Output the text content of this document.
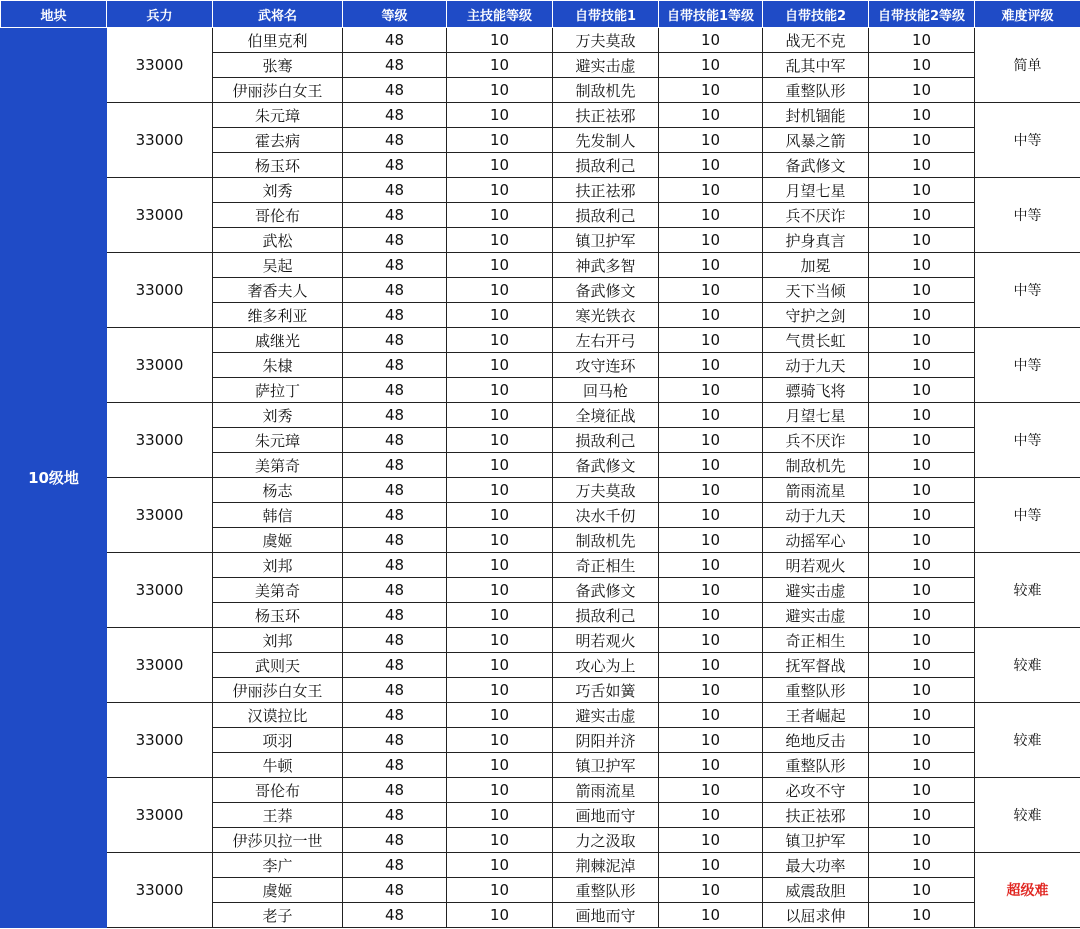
地块	兵力	武将名	等级	主技能等级	自带技能1	自带技能1等级	自带技能2	自带技能2等级	难度评级
10级地	33000	伯里克利	48	10	万夫莫敌	10	战无不克	10	简单
		张骞	48	10	避实击虚	10	乱其中军	10	
		伊丽莎白女王	48	10	制敌机先	10	重整队形	10	
	33000	朱元璋	48	10	扶正祛邪	10	封机锢能	10	中等
		霍去病	48	10	先发制人	10	风暴之箭	10	
		杨玉环	48	10	损敌利己	10	备武修文	10	
	33000	刘秀	48	10	扶正祛邪	10	月望七星	10	中等
		哥伦布	48	10	损敌利己	10	兵不厌诈	10	
		武松	48	10	镇卫护军	10	护身真言	10	
	33000	吴起	48	10	神武多智	10	加冕	10	中等
		奢香夫人	48	10	备武修文	10	天下当倾	10	
		维多利亚	48	10	寒光铁衣	10	守护之剑	10	
	33000	戚继光	48	10	左右开弓	10	气贯长虹	10	中等
		朱棣	48	10	攻守连环	10	动于九天	10	
		萨拉丁	48	10	回马枪	10	骠骑飞将	10	
	33000	刘秀	48	10	全境征战	10	月望七星	10	中等
		朱元璋	48	10	损敌利己	10	兵不厌诈	10	
		美第奇	48	10	备武修文	10	制敌机先	10	
	33000	杨志	48	10	万夫莫敌	10	箭雨流星	10	中等
		韩信	48	10	决水千仞	10	动于九天	10	
		虞姬	48	10	制敌机先	10	动摇军心	10	
	33000	刘邦	48	10	奇正相生	10	明若观火	10	较难
		美第奇	48	10	备武修文	10	避实击虚	10	
		杨玉环	48	10	损敌利己	10	避实击虚	10	
	33000	刘邦	48	10	明若观火	10	奇正相生	10	较难
		武则天	48	10	攻心为上	10	抚军督战	10	
		伊丽莎白女王	48	10	巧舌如簧	10	重整队形	10	
	33000	汉谟拉比	48	10	避实击虚	10	王者崛起	10	较难
		项羽	48	10	阴阳并济	10	绝地反击	10	
		牛顿	48	10	镇卫护军	10	重整队形	10	
	33000	哥伦布	48	10	箭雨流星	10	必攻不守	10	较难
		王莽	48	10	画地而守	10	扶正祛邪	10	
		伊莎贝拉一世	48	10	力之汲取	10	镇卫护军	10	
	33000	李广	48	10	荆棘泥淖	10	最大功率	10	超级难
		虞姬	48	10	重整队形	10	威震敌胆	10	
		老子	48	10	画地而守	10	以屈求伸	10	
